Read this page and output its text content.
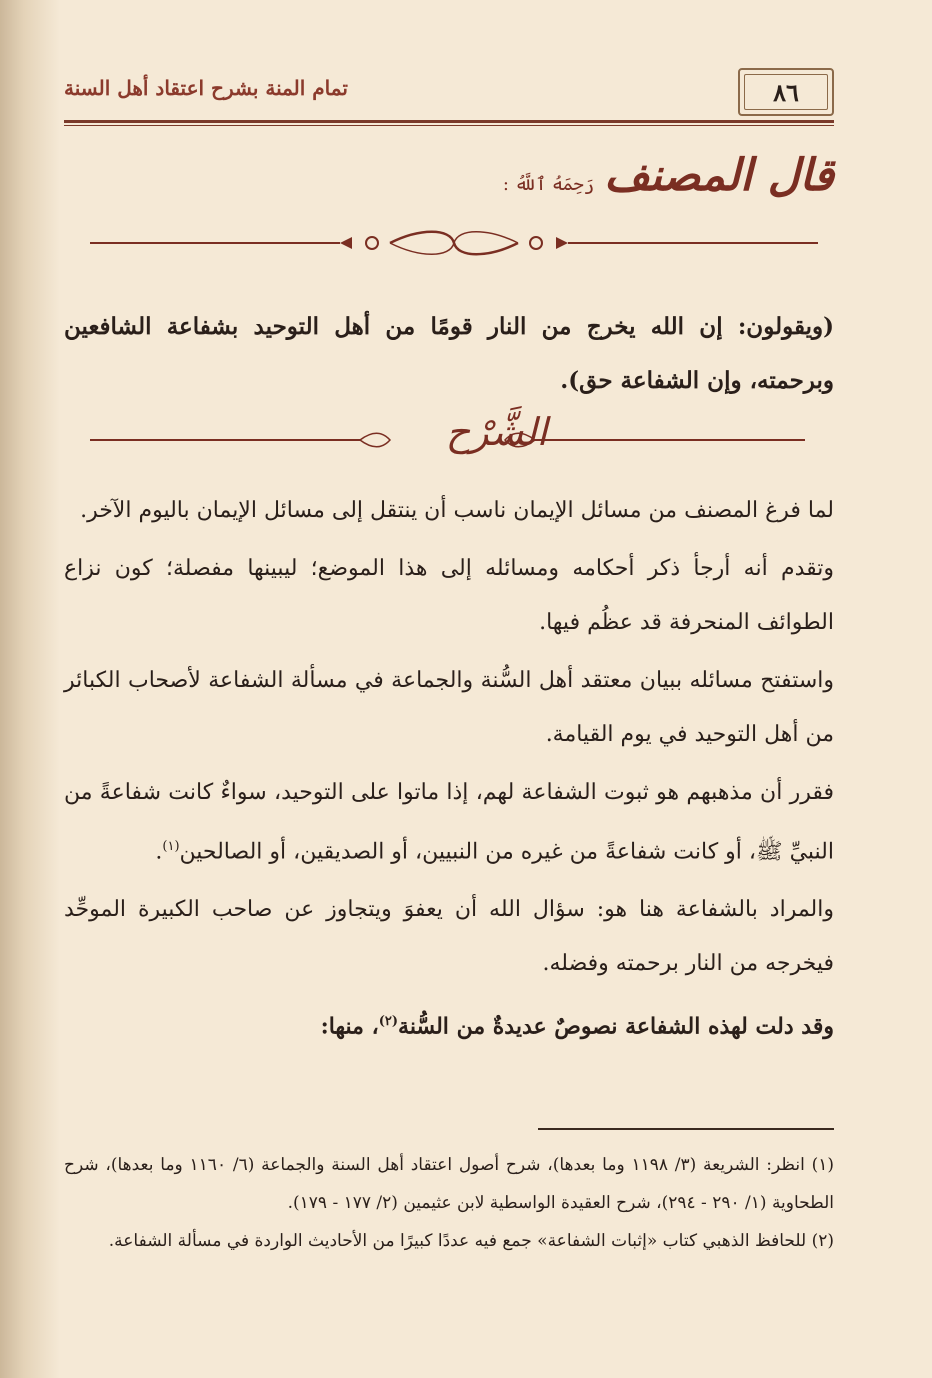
تمام المنة بشرح اعتقاد أهل السنة	٨٦
قال المصنف
رَحِمَهُ ٱللَّهُ :
(ويقولون: إن الله يخرج من النار قومًا من أهل التوحيد بشفاعة الشافعين وبرحمته، وإن الشفاعة حق).
الشَّرْح

لما فرغ المصنف من مسائل الإيمان ناسب أن ينتقل إلى مسائل الإيمان باليوم الآخر.

وتقدم أنه أرجأ ذكر أحكامه ومسائله إلى هذا الموضع؛ ليبينها مفصلة؛ كون نزاع الطوائف المنحرفة قد عظُم فيها.

واستفتح مسائله ببيان معتقد أهل السُّنة والجماعة في مسألة الشفاعة لأصحاب الكبائر من أهل التوحيد في يوم القيامة.

فقرر أن مذهبهم هو ثبوت الشفاعة لهم، إذا ماتوا على التوحيد، سواءٌ كانت شفاعةً من النبيِّ ﷺ، أو كانت شفاعةً من غيره من النبيين، أو الصديقين، أو الصالحين$^{(١)}$.

والمراد بالشفاعة هنا هو: سؤال الله أن يعفوَ ويتجاوز عن صاحب الكبيرة الموحِّد فيخرجه من النار برحمته وفضله.

وقد دلت لهذه الشفاعة نصوصٌ عديدةٌ من السُّنة$^{(٢)}$، منها:

(١) انظر: الشريعة (٣/ ١١٩٨ وما بعدها)، شرح أصول اعتقاد أهل السنة والجماعة (٦/ ١١٦٠ وما بعدها)، شرح الطحاوية (١/ ٢٩٠ - ٢٩٤)، شرح العقيدة الواسطية لابن عثيمين (٢/ ١٧٧ - ١٧٩).

(٢) للحافظ الذهبي كتاب «إثبات الشفاعة» جمع فيه عددًا كبيرًا من الأحاديث الواردة في مسألة الشفاعة.
